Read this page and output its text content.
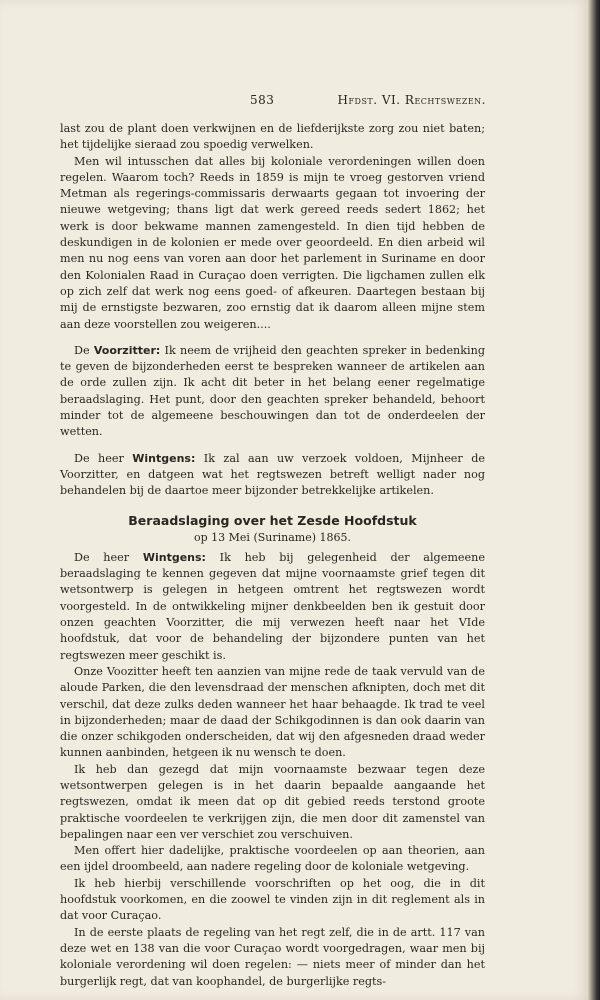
583	Hfdst. VI. Rechtswezen.

last zou de plant doen verkwijnen en de liefderijkste zorg zou niet baten; het tijdelijke sieraad zou spoedig verwelken.

Men wil intusschen dat alles bij koloniale verordeningen willen doen regelen. Waarom toch? Reeds in 1859 is mijn te vroeg gestorven vriend Metman als regerings-commissaris derwaarts gegaan tot invoering der nieuwe wetgeving; thans ligt dat werk gereed reeds sedert 1862; het werk is door bekwame mannen zamengesteld. In dien tijd hebben de deskundigen in de kolonien er mede over geoordeeld. En dien arbeid wil men nu nog eens van voren aan door het parlement in Suriname en door den Kolonialen Raad in Curaçao doen verrigten. Die ligchamen zullen elk op zich zelf dat werk nog eens goed- of afkeuren. Daartegen bestaan bij mij de ernstigste bezwaren, zoo ernstig dat ik daarom alleen mijne stem aan deze voorstellen zou weigeren....

De Voorzitter: Ik neem de vrijheid den geachten spreker in bedenking te geven de bijzonderheden eerst te bespreken wanneer de artikelen aan de orde zullen zijn. Ik acht dit beter in het belang eener regelmatige beraadslaging. Het punt, door den geachten spreker behandeld, behoort minder tot de algemeene beschouwingen dan tot de onderdeelen der wetten.

De heer Wintgens: Ik zal aan uw verzoek voldoen, Mijnheer de Voorzitter, en datgeen wat het regtswezen betreft welligt nader nog behandelen bij de daartoe meer bijzonder betrekkelijke artikelen.

Beraadslaging over het Zesde Hoofdstuk

op 13 Mei (Suriname) 1865.

De heer Wintgens: Ik heb bij gelegenheid der algemeene beraadslaging te kennen gegeven dat mijne voornaamste grief tegen dit wetsontwerp is gelegen in hetgeen omtrent het regtswezen wordt voorgesteld. In de ontwikkeling mijner denkbeelden ben ik gestuit door onzen geachten Voorzitter, die mij verwezen heeft naar het VIde hoofdstuk, dat voor de behandeling der bijzondere punten van het regtswezen meer geschikt is.

Onze Voozitter heeft ten aanzien van mijne rede de taak vervuld van de aloude Parken, die den levensdraad der menschen afknipten, doch met dit verschil, dat deze zulks deden wanneer het haar behaagde. Ik trad te veel in bijzonderheden; maar de daad der Schikgodinnen is dan ook daarin van die onzer schikgoden onderscheiden, dat wij den afgesneden draad weder kunnen aanbinden, hetgeen ik nu wensch te doen.

Ik heb dan gezegd dat mijn voornaamste bezwaar tegen deze wetsontwerpen gelegen is in het daarin bepaalde aangaande het regtswezen, omdat ik meen dat op dit gebied reeds terstond groote praktische voordeelen te verkrijgen zijn, die men door dit zamenstel van bepalingen naar een ver verschiet zou verschuiven.

Men offert hier dadelijke, praktische voordeelen op aan theorien, aan een ijdel droombeeld, aan nadere regeling door de koloniale wetgeving.

Ik heb hierbij verschillende voorschriften op het oog, die in dit hoofdstuk voorkomen, en die zoowel te vinden zijn in dit reglement als in dat voor Curaçao.

In de eerste plaats de regeling van het regt zelf, die in de artt. 117 van deze wet en 138 van die voor Curaçao wordt voorgedragen, waar men bij koloniale verordening wil doen regelen: — niets meer of minder dan het burgerlijk regt, dat van koophandel, de burgerlijke regts-
